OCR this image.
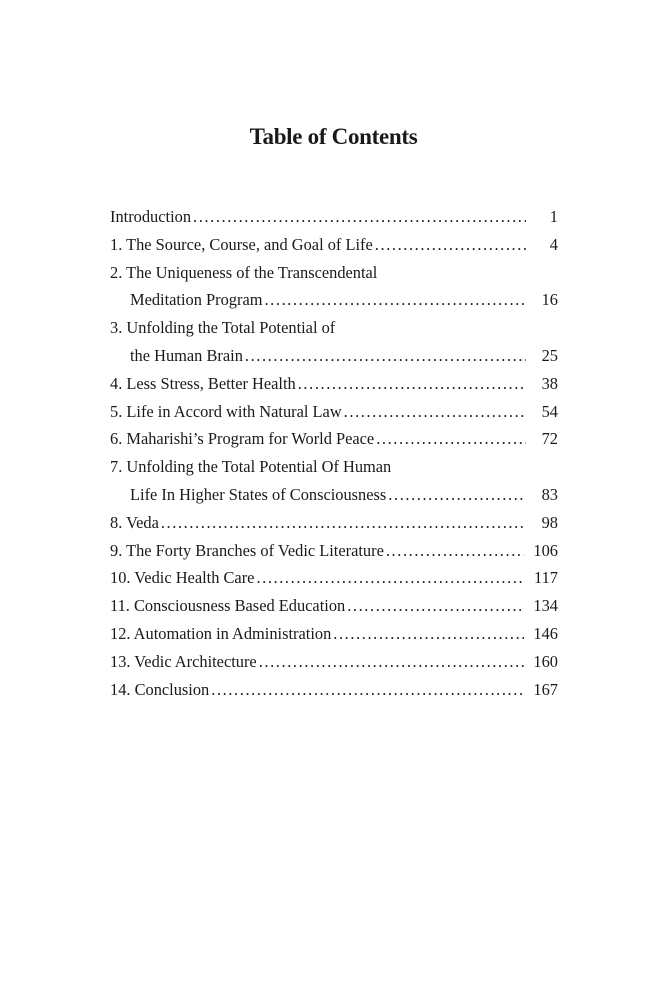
Table of Contents
Introduction .....	1
1. The Source, Course, and Goal of Life .....	4
2. The Uniqueness of the Transcendental
Meditation Program .....	16
3. Unfolding the Total Potential of
the Human Brain .....	25
4. Less Stress, Better Health .....	38
5. Life in Accord with Natural Law .....	54
6. Maharishi’s Program for World Peace .....	72
7. Unfolding the Total Potential Of Human
Life In Higher States of Consciousness .....	83
8. Veda .....	98
9. The Forty Branches of Vedic Literature .....	106
10. Vedic Health Care .....	117
11. Consciousness Based Education .....	134
12. Automation in Administration .....	146
13. Vedic Architecture .....	160
14. Conclusion .....	167
